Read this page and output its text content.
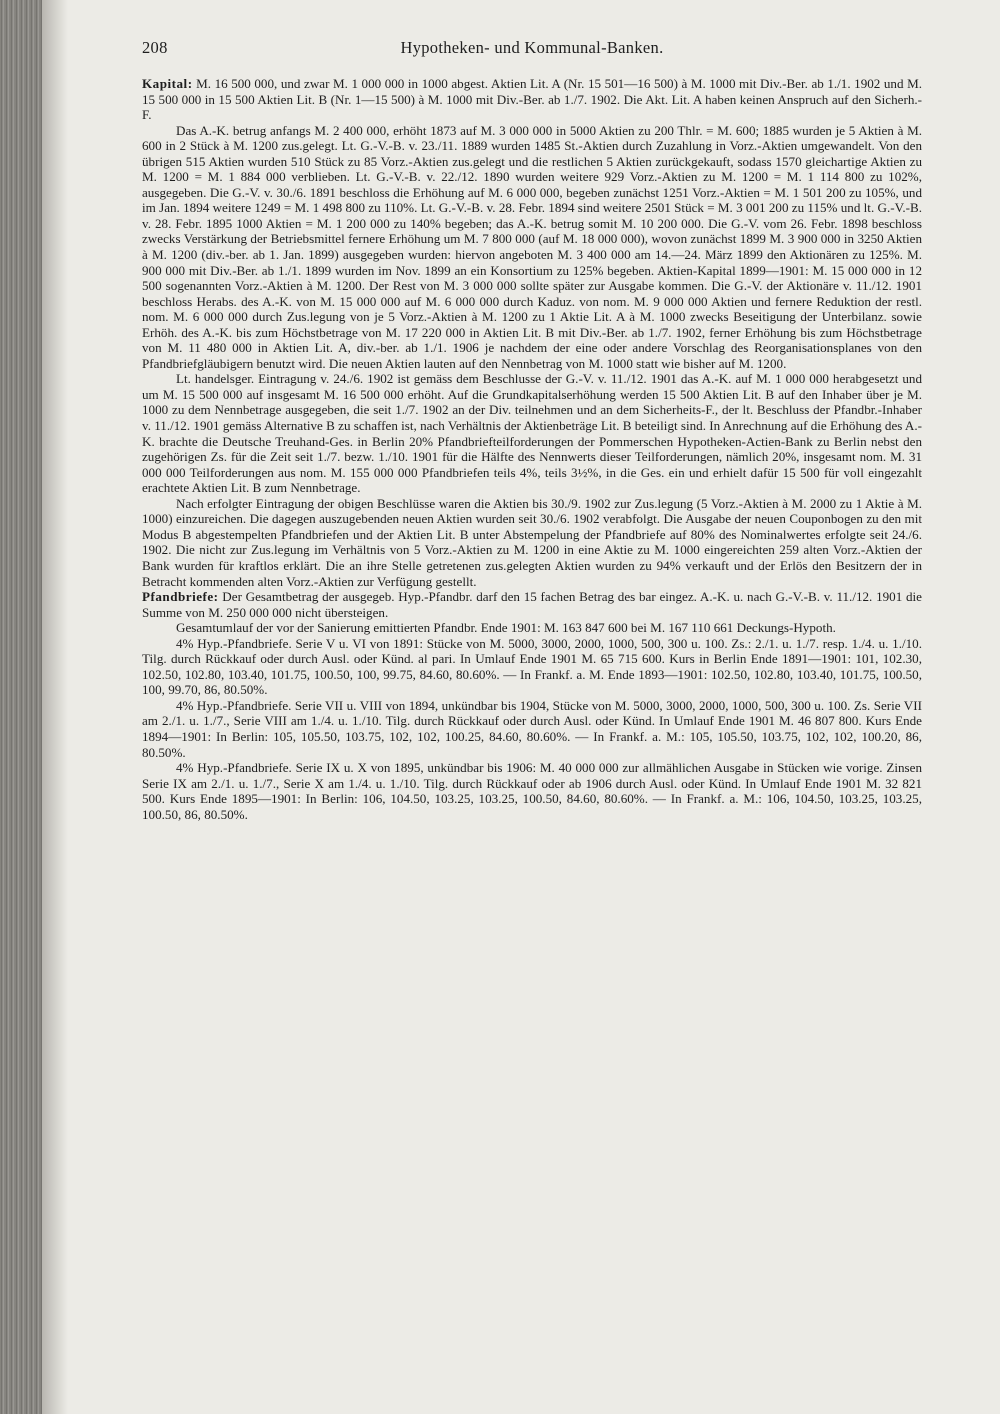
208	Hypotheken- und Kommunal-Banken.

Kapital: M. 16 500 000, und zwar M. 1 000 000 in 1000 abgest. Aktien Lit. A (Nr. 15 501—16 500) à M. 1000 mit Div.-Ber. ab 1./1. 1902 und M. 15 500 000 in 15 500 Aktien Lit. B (Nr. 1—15 500) à M. 1000 mit Div.-Ber. ab 1./7. 1902. Die Akt. Lit. A haben keinen Anspruch auf den Sicherh.-F.

Das A.-K. betrug anfangs M. 2 400 000, erhöht 1873 auf M. 3 000 000 in 5000 Aktien zu 200 Thlr. = M. 600; 1885 wurden je 5 Aktien à M. 600 in 2 Stück à M. 1200 zus.gelegt. Lt. G.-V.-B. v. 23./11. 1889 wurden 1485 St.-Aktien durch Zuzahlung in Vorz.-Aktien umgewandelt. Von den übrigen 515 Aktien wurden 510 Stück zu 85 Vorz.-Aktien zus.gelegt und die restlichen 5 Aktien zurückgekauft, sodass 1570 gleichartige Aktien zu M. 1200 = M. 1 884 000 verblieben. Lt. G.-V.-B. v. 22./12. 1890 wurden weitere 929 Vorz.-Aktien zu M. 1200 = M. 1 114 800 zu 102%, ausgegeben. Die G.-V. v. 30./6. 1891 beschloss die Erhöhung auf M. 6 000 000, begeben zunächst 1251 Vorz.-Aktien = M. 1 501 200 zu 105%, und im Jan. 1894 weitere 1249 = M. 1 498 800 zu 110%. Lt. G.-V.-B. v. 28. Febr. 1894 sind weitere 2501 Stück = M. 3 001 200 zu 115% und lt. G.-V.-B. v. 28. Febr. 1895 1000 Aktien = M. 1 200 000 zu 140% begeben; das A.-K. betrug somit M. 10 200 000. Die G.-V. vom 26. Febr. 1898 beschloss zwecks Verstärkung der Betriebsmittel fernere Erhöhung um M. 7 800 000 (auf M. 18 000 000), wovon zunächst 1899 M. 3 900 000 in 3250 Aktien à M. 1200 (div.-ber. ab 1. Jan. 1899) ausgegeben wurden: hiervon angeboten M. 3 400 000 am 14.—24. März 1899 den Aktionären zu 125%. M. 900 000 mit Div.-Ber. ab 1./1. 1899 wurden im Nov. 1899 an ein Konsortium zu 125% begeben. Aktien-Kapital 1899—1901: M. 15 000 000 in 12 500 sogenannten Vorz.-Aktien à M. 1200. Der Rest von M. 3 000 000 sollte später zur Ausgabe kommen. Die G.-V. der Aktionäre v. 11./12. 1901 beschloss Herabs. des A.-K. von M. 15 000 000 auf M. 6 000 000 durch Kaduz. von nom. M. 9 000 000 Aktien und fernere Reduktion der restl. nom. M. 6 000 000 durch Zus.legung von je 5 Vorz.-Aktien à M. 1200 zu 1 Aktie Lit. A à M. 1000 zwecks Beseitigung der Unterbilanz. sowie Erhöh. des A.-K. bis zum Höchstbetrage von M. 17 220 000 in Aktien Lit. B mit Div.-Ber. ab 1./7. 1902, ferner Erhöhung bis zum Höchstbetrage von M. 11 480 000 in Aktien Lit. A, div.-ber. ab 1./1. 1906 je nachdem der eine oder andere Vorschlag des Reorganisationsplanes von den Pfandbriefgläubigern benutzt wird. Die neuen Aktien lauten auf den Nennbetrag von M. 1000 statt wie bisher auf M. 1200.

Lt. handelsger. Eintragung v. 24./6. 1902 ist gemäss dem Beschlusse der G.-V. v. 11./12. 1901 das A.-K. auf M. 1 000 000 herabgesetzt und um M. 15 500 000 auf insgesamt M. 16 500 000 erhöht. Auf die Grundkapitalserhöhung werden 15 500 Aktien Lit. B auf den Inhaber über je M. 1000 zu dem Nennbetrage ausgegeben, die seit 1./7. 1902 an der Div. teilnehmen und an dem Sicherheits-F., der lt. Beschluss der Pfandbr.-Inhaber v. 11./12. 1901 gemäss Alternative B zu schaffen ist, nach Verhältnis der Aktienbeträge Lit. B beteiligt sind. In Anrechnung auf die Erhöhung des A.-K. brachte die Deutsche Treuhand-Ges. in Berlin 20% Pfandbriefteilforderungen der Pommerschen Hypotheken-Actien-Bank zu Berlin nebst den zugehörigen Zs. für die Zeit seit 1./7. bezw. 1./10. 1901 für die Hälfte des Nennwerts dieser Teilforderungen, nämlich 20%, insgesamt nom. M. 31 000 000 Teilforderungen aus nom. M. 155 000 000 Pfandbriefen teils 4%, teils 3½%, in die Ges. ein und erhielt dafür 15 500 für voll eingezahlt erachtete Aktien Lit. B zum Nennbetrage.

Nach erfolgter Eintragung der obigen Beschlüsse waren die Aktien bis 30./9. 1902 zur Zus.legung (5 Vorz.-Aktien à M. 2000 zu 1 Aktie à M. 1000) einzureichen. Die dagegen auszugebenden neuen Aktien wurden seit 30./6. 1902 verabfolgt. Die Ausgabe der neuen Couponbogen zu den mit Modus B abgestempelten Pfandbriefen und der Aktien Lit. B unter Abstempelung der Pfandbriefe auf 80% des Nominalwertes erfolgte seit 24./6. 1902. Die nicht zur Zus.legung im Verhältnis von 5 Vorz.-Aktien zu M. 1200 in eine Aktie zu M. 1000 eingereichten 259 alten Vorz.-Aktien der Bank wurden für kraftlos erklärt. Die an ihre Stelle getretenen zus.gelegten Aktien wurden zu 94% verkauft und der Erlös den Besitzern der in Betracht kommenden alten Vorz.-Aktien zur Verfügung gestellt.

Pfandbriefe: Der Gesamtbetrag der ausgegeb. Hyp.-Pfandbr. darf den 15 fachen Betrag des bar eingez. A.-K. u. nach G.-V.-B. v. 11./12. 1901 die Summe von M. 250 000 000 nicht übersteigen.

Gesamtumlauf der vor der Sanierung emittierten Pfandbr. Ende 1901: M. 163 847 600 bei M. 167 110 661 Deckungs-Hypoth.

4% Hyp.-Pfandbriefe. Serie V u. VI von 1891: Stücke von M. 5000, 3000, 2000, 1000, 500, 300 u. 100. Zs.: 2./1. u. 1./7. resp. 1./4. u. 1./10. Tilg. durch Rückkauf oder durch Ausl. oder Künd. al pari. In Umlauf Ende 1901 M. 65 715 600. Kurs in Berlin Ende 1891—1901: 101, 102.30, 102.50, 102.80, 103.40, 101.75, 100.50, 100, 99.75, 84.60, 80.60%. — In Frankf. a. M. Ende 1893—1901: 102.50, 102.80, 103.40, 101.75, 100.50, 100, 99.70, 86, 80.50%.

4% Hyp.-Pfandbriefe. Serie VII u. VIII von 1894, unkündbar bis 1904, Stücke von M. 5000, 3000, 2000, 1000, 500, 300 u. 100. Zs. Serie VII am 2./1. u. 1./7., Serie VIII am 1./4. u. 1./10. Tilg. durch Rückkauf oder durch Ausl. oder Künd. In Umlauf Ende 1901 M. 46 807 800. Kurs Ende 1894—1901: In Berlin: 105, 105.50, 103.75, 102, 102, 100.25, 84.60, 80.60%. — In Frankf. a. M.: 105, 105.50, 103.75, 102, 102, 100.20, 86, 80.50%.

4% Hyp.-Pfandbriefe. Serie IX u. X von 1895, unkündbar bis 1906: M. 40 000 000 zur allmählichen Ausgabe in Stücken wie vorige. Zinsen Serie IX am 2./1. u. 1./7., Serie X am 1./4. u. 1./10. Tilg. durch Rückkauf oder ab 1906 durch Ausl. oder Künd. In Umlauf Ende 1901 M. 32 821 500. Kurs Ende 1895—1901: In Berlin: 106, 104.50, 103.25, 103.25, 100.50, 84.60, 80.60%. — In Frankf. a. M.: 106, 104.50, 103.25, 103.25, 100.50, 86, 80.50%.
